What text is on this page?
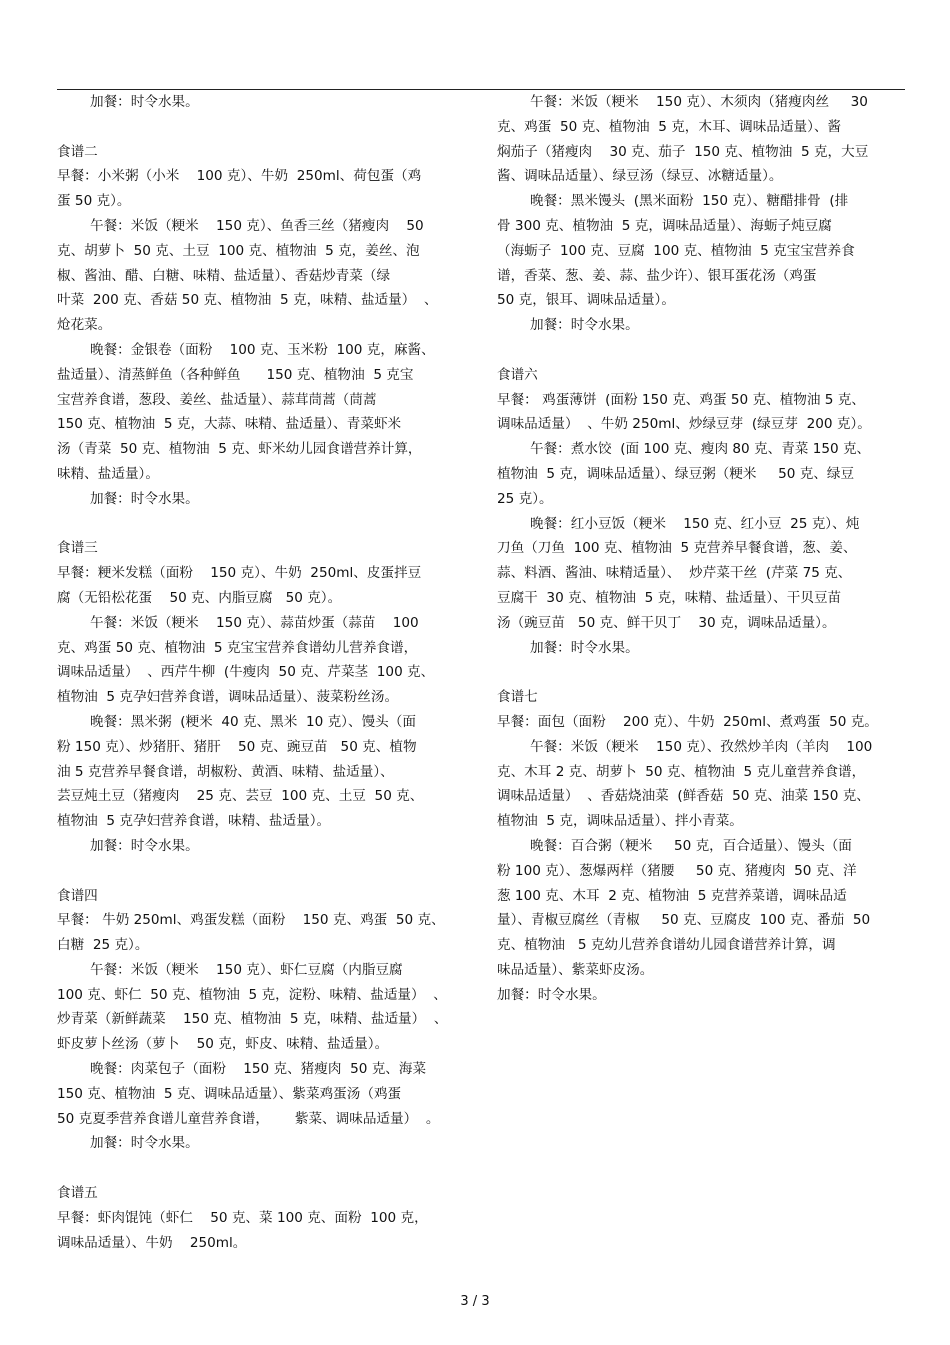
加餐：时令水果。
食谱二
早餐：小米粥（小米    100 克）、牛奶  250ml、荷包蛋（鸡
蛋 50 克）。
午餐：米饭（粳米    150 克）、鱼香三丝（猪瘦肉    50
克、胡萝卜  50 克、土豆  100 克、植物油  5 克，姜丝、泡
椒、酱油、醋、白糖、味精、盐适量）、香菇炒青菜（绿
叶菜  200 克、香菇 50 克、植物油  5 克，味精、盐适量）  、
炝花菜。
晚餐：金银卷（面粉    100 克、玉米粉  100 克，麻酱、
盐适量）、清蒸鲜鱼（各种鲜鱼      150 克、植物油  5 克宝
宝营养食谱，葱段、姜丝、盐适量）、蒜茸茼蒿（茼蒿
150 克、植物油  5 克，大蒜、味精、盐适量）、青菜虾米
汤（青菜  50 克、植物油  5 克、虾米幼儿园食谱营养计算，
味精、盐适量）。
加餐：时令水果。
食谱三
早餐：粳米发糕（面粉    150 克）、牛奶  250ml、皮蛋拌豆
腐（无铅松花蛋    50 克、内脂豆腐   50 克）。
午餐：米饭（粳米    150 克）、蒜苗炒蛋（蒜苗    100
克、鸡蛋 50 克、植物油  5 克宝宝营养食谱幼儿营养食谱，
调味品适量）  、西芹牛柳  (牛瘦肉  50 克、芹菜茎  100 克、
植物油  5 克孕妇营养食谱，调味品适量）、菠菜粉丝汤。
晚餐：黑米粥  (粳米  40 克、黑米  10 克）、馒头（面
粉 150 克）、炒猪肝、猪肝    50 克、豌豆苗   50 克、植物
油 5 克营养早餐食谱，胡椒粉、黄酒、味精、盐适量）、
芸豆炖土豆（猪瘦肉    25 克、芸豆  100 克、土豆  50 克、
植物油  5 克孕妇营养食谱，味精、盐适量）。
加餐：时令水果。
食谱四
早餐： 牛奶 250ml、鸡蛋发糕（面粉    150 克、鸡蛋  50 克、
白糖  25 克）。
午餐：米饭（粳米    150 克）、虾仁豆腐（内脂豆腐
100 克、虾仁  50 克、植物油  5 克，淀粉、味精、盐适量）  、
炒青菜（新鲜蔬菜    150 克、植物油  5 克，味精、盐适量）  、
虾皮萝卜丝汤（萝卜    50 克，虾皮、味精、盐适量）。
晚餐：肉菜包子（面粉    150 克、猪瘦肉  50 克、海菜
150 克、植物油  5 克、调味品适量）、紫菜鸡蛋汤（鸡蛋
50 克夏季营养食谱儿童营养食谱，      紫菜、调味品适量）  。
加餐：时令水果。
食谱五
早餐：虾肉馄饨（虾仁    50 克、菜 100 克、面粉  100 克，
调味品适量）、牛奶    250ml。
午餐：米饭（粳米    150 克）、木须肉（猪瘦肉丝     30
克、鸡蛋  50 克、植物油  5 克，木耳、调味品适量）、酱
焖茄子（猪瘦肉    30 克、茄子  150 克、植物油  5 克，大豆
酱、调味品适量）、绿豆汤（绿豆、冰糖适量）。
晚餐：黑米馒头  (黑米面粉  150 克）、糖醋排骨  (排
骨 300 克、植物油  5 克，调味品适量）、海蛎子炖豆腐
（海蛎子  100 克、豆腐  100 克、植物油  5 克宝宝营养食
谱，香菜、葱、姜、蒜、盐少许）、银耳蛋花汤（鸡蛋
50 克，银耳、调味品适量）。
加餐：时令水果。
食谱六
早餐： 鸡蛋薄饼  (面粉 150 克、鸡蛋 50 克、植物油 5 克、
调味品适量）  、牛奶 250ml、炒绿豆芽  (绿豆芽  200 克）。
午餐：煮水饺  (面 100 克、瘦肉 80 克、青菜 150 克、
植物油  5 克，调味品适量）、绿豆粥（粳米     50 克、绿豆
25 克）。
晚餐：红小豆饭（粳米    150 克、红小豆  25 克）、炖
刀鱼（刀鱼  100 克、植物油  5 克营养早餐食谱，葱、姜、
蒜、料酒、酱油、味精适量）、  炒芹菜干丝  (芹菜 75 克、
豆腐干  30 克、植物油  5 克，味精、盐适量）、干贝豆苗
汤（豌豆苗   50 克、鲜干贝丁    30 克，调味品适量）。
加餐：时令水果。
食谱七
早餐：面包（面粉    200 克）、牛奶  250ml、煮鸡蛋  50 克。
午餐：米饭（粳米    150 克）、孜然炒羊肉（羊肉    100
克、木耳 2 克、胡萝卜  50 克、植物油  5 克儿童营养食谱，
调味品适量）  、香菇烧油菜  (鲜香菇  50 克、油菜 150 克、
植物油  5 克，调味品适量）、拌小青菜。
晚餐：百合粥（粳米     50 克，百合适量）、馒头（面
粉 100 克）、葱爆两样（猪腰     50 克、猪瘦肉  50 克、洋
葱 100 克、木耳  2 克、植物油  5 克营养菜谱，调味品适
量）、青椒豆腐丝（青椒     50 克、豆腐皮  100 克、番茄  50
克、植物油   5 克幼儿营养食谱幼儿园食谱营养计算，调
味品适量）、紫菜虾皮汤。
加餐：时令水果。
3 / 3
